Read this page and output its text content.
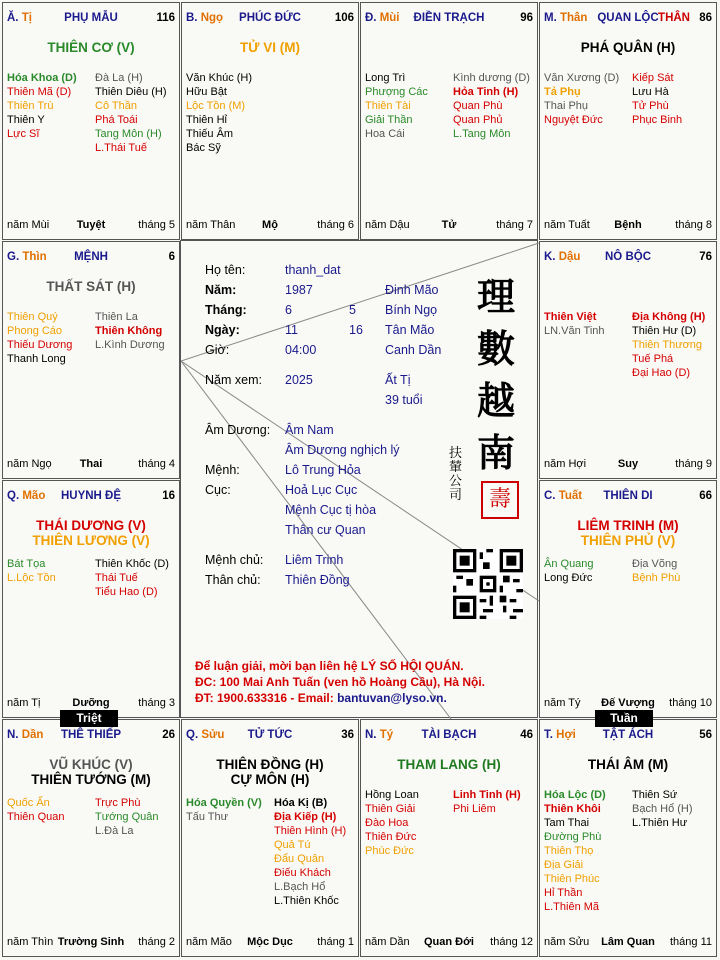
Ă. Tị	PHỤ MẪU	116
THIÊN CƠ (V)
Hóa Khoa (D)
Thiên Mã (D)
Thiên Trù
Thiên Y
Lực Sĩ
Đà La (H)
Thiên Diêu (H)
Cô Thần
Phá Toái
Tang Môn (H)
L.Thái Tuế
năm Mùi	Tuyệt	tháng 5
B. Ngọ	PHÚC ĐỨC	106
TỬ VI (M)
Văn Khúc (H)
Hữu Bật
Lộc Tồn (M)
Thiên Hỉ
Thiếu Âm
Bác Sỹ
năm Thân	Mộ	tháng 6
Đ. Mùi	ĐIỀN TRẠCH	96
Long Trì
Phượng Các
Thiên Tài
Giải Thần
Hoa Cái
Kình dương (D)
Hỏa Tinh (H)
Quan Phù
Quan Phủ
L.Tang Môn
năm Dậu	Tử	tháng 7
M. Thân QUAN LỘC THÂN 86
PHÁ QUÂN (H)
Văn Xương (D)
Tả Phụ
Thai Phụ
Nguyệt Đức
Kiếp Sát
Lưu Hà
Tử Phù
Phục Binh
năm Tuất	Bệnh	tháng 8
G. Thìn	MỆNH	6
THẤT SÁT (H)
Thiên Quý
Phong Cáo
Thiếu Dương
Thanh Long
Thiên La
Thiên Không
L.Kình Dương
năm Ngọ	Thai	tháng 4
K. Dậu	NÔ BỘC	76
Thiên Việt
LN.Văn Tinh
Địa Không (H)
Thiên Hư (D)
Thiên Thương
Tuế Phá
Đại Hao (D)
năm Hợi	Suy	tháng 9
Q. Mão	HUYNH ĐỆ	16
THÁI DƯƠNG (V)
THIÊN LƯƠNG (V)
Bát Tọa
L.Lộc Tồn
Thiên Khốc (D)
Thái Tuế
Tiểu Hao (D)
năm Tị	Dưỡng	tháng 3
C. Tuất	THIÊN DI	66
LIÊM TRINH (M)
THIÊN PHỦ (V)
Ân Quang
Long Đức
Địa Võng
Bệnh Phù
năm Tý	Đế Vượng	tháng 10
N. Dần	THÊ THIẾP	26
VŨ KHÚC (V)
THIÊN TƯỚNG (M)
Quốc Ấn
Thiên Quan
Trực Phù
Tướng Quân
L.Đà La
năm Thìn Trường Sinh	tháng 2
Q. Sửu	TỬ TỨC	36
THIÊN ĐỒNG (H)
CỰ MÔN (H)
Hóa Quyền (V)
Tấu Thư
Hóa Kị (B)
Địa Kiếp (H)
Thiên Hình (H)
Quả Tú
Đẩu Quân
Điếu Khách
L.Bạch Hổ
L.Thiên Khốc
năm Mão	Mộc Dục	tháng 1
N. Tý	TÀI BẠCH	46
THAM LANG (H)
Hồng Loan
Thiên Giải
Đào Hoa
Thiên Đức
Phúc Đức
Linh Tinh (H)
Phi Liêm
năm Dần	Quan Đới	tháng 12
T. Hợi	TẬT ÁCH	56
THÁI ÂM (M)
Hóa Lộc (D)
Thiên Khôi
Tam Thai
Đường Phù
Thiên Thọ
Địa Giải
Thiên Phúc
Hỉ Thần
L.Thiên Mã
Thiên Sứ
Bạch Hổ (H)
L.Thiên Hư
năm Sửu	Lâm Quan	tháng 11
Họ tên:	thanh_dat
Năm:	1987	Đinh Mão
Tháng:	6	5 Bính Ngọ
Ngày:	11	16 Tân Mão
Giờ:	04:00	Canh Dần
Năm xem: 2025	Ất Tị
39 tuổi
Âm Dương: Âm Nam
Âm Dương nghịch lý
Mệnh:	Lô Trung Hỏa
Cục:	Hoả Lục Cục
Mệnh Cục tị hòa
Thân cư Quan
Mệnh chủ: Liêm Trinh
Thân chủ: Thiên Đồng
理
數
越
南
扶
輦
公
司	壽
Để luận giải, mời bạn liên hệ LÝ SỐ HỘI QUÁN.
ĐC: 100 Mai Anh Tuấn (ven hồ Hoàng Cầu), Hà Nội.
ĐT: 1900.633316 - Email: bantuvan@lyso.vn.
Triệt	Tuần
